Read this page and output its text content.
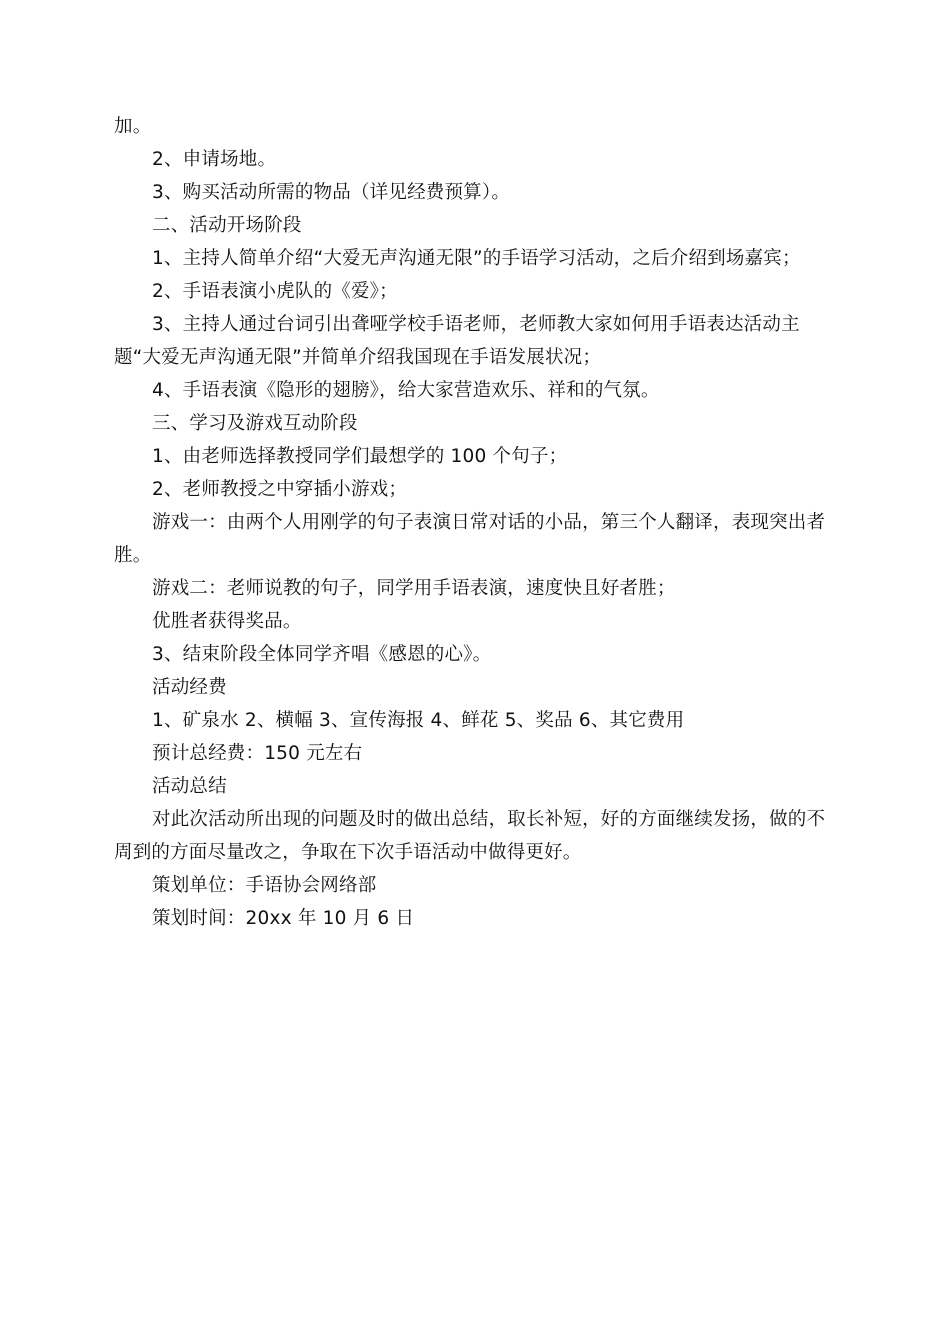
加。

2、申请场地。

3、购买活动所需的物品（详见经费预算）。

二、活动开场阶段

1、主持人简单介绍“大爱无声沟通无限”的手语学习活动，之后介绍到场嘉宾；

2、手语表演小虎队的《爱》；

3、主持人通过台词引出聋哑学校手语老师，老师教大家如何用手语表达活动主题“大爱无声沟通无限”并简单介绍我国现在手语发展状况；

4、手语表演《隐形的翅膀》，给大家营造欢乐、祥和的气氛。

三、学习及游戏互动阶段

1、由老师选择教授同学们最想学的 100 个句子；

2、老师教授之中穿插小游戏；

游戏一：由两个人用刚学的句子表演日常对话的小品，第三个人翻译，表现突出者胜。

游戏二：老师说教的句子，同学用手语表演，速度快且好者胜；

优胜者获得奖品。

3、结束阶段全体同学齐唱《感恩的心》。

活动经费

1、矿泉水 2、横幅 3、宣传海报 4、鲜花 5、奖品 6、其它费用

预计总经费：150 元左右

活动总结

对此次活动所出现的问题及时的做出总结，取长补短，好的方面继续发扬，做的不周到的方面尽量改之，争取在下次手语活动中做得更好。

策划单位：手语协会网络部

策划时间：20xx 年 10 月 6 日
